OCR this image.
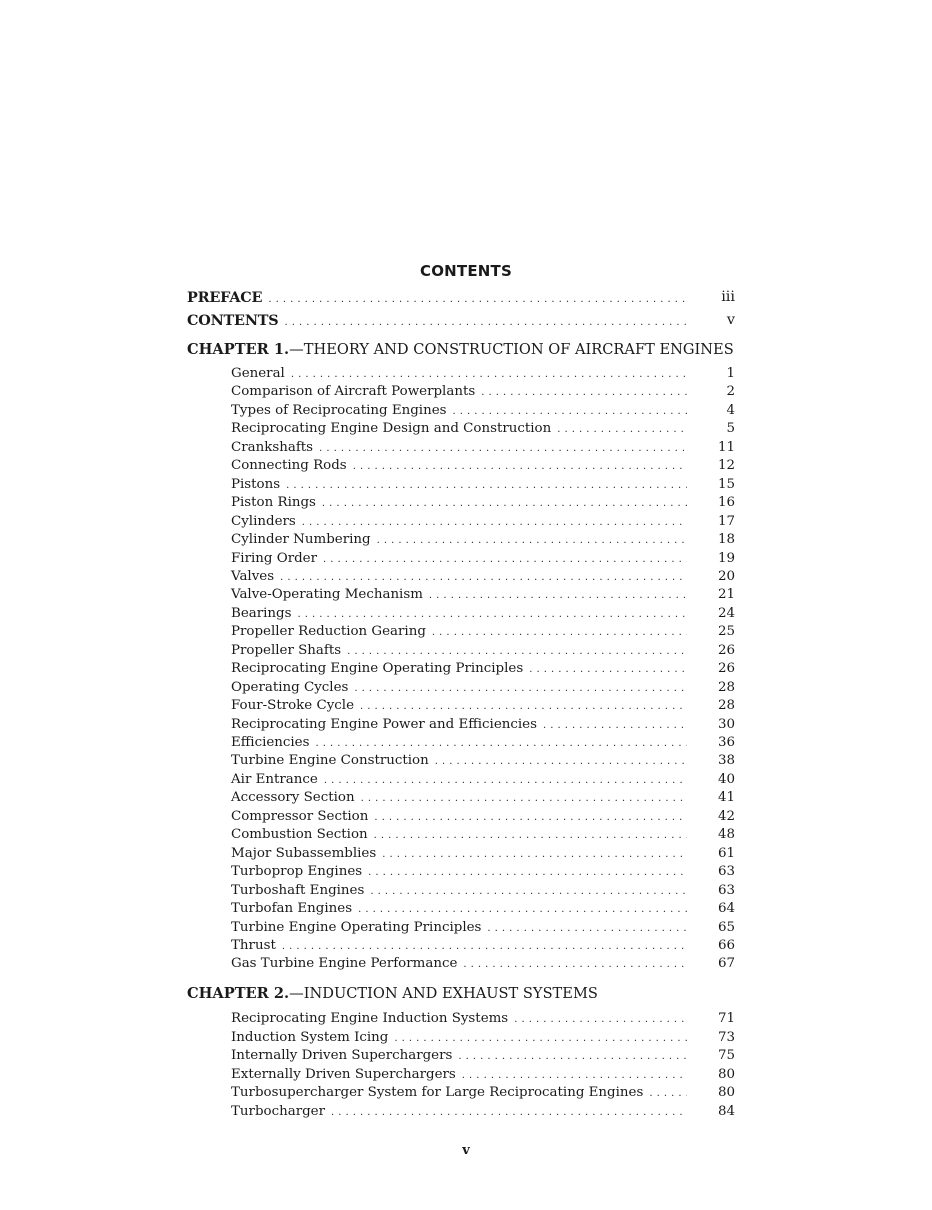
CONTENTS
PREFACE . . .	iii
CONTENTS . . .	v
CHAPTER 1.—THEORY AND CONSTRUCTION OF AIRCRAFT ENGINES
General . . .	1
Comparison of Aircraft Powerplants . . .	2
Types of Reciprocating Engines . . .	4
Reciprocating Engine Design and Construction . . .	5
Crankshafts . . .	11
Connecting Rods . . .	12
Pistons . . .	15
Piston Rings . . .	16
Cylinders . . .	17
Cylinder Numbering . . .	18
Firing Order . . .	19
Valves . . .	20
Valve-Operating Mechanism . . .	21
Bearings . . .	24
Propeller Reduction Gearing . . .	25
Propeller Shafts . . .	26
Reciprocating Engine Operating Principles . . .	26
Operating Cycles . . .	28
Four-Stroke Cycle . . .	28
Reciprocating Engine Power and Efficiencies . . .	30
Efficiencies . . .	36
Turbine Engine Construction . . .	38
Air Entrance . . .	40
Accessory Section . . .	41
Compressor Section . . .	42
Combustion Section . . .	48
Major Subassemblies . . .	61
Turboprop Engines . . .	63
Turboshaft Engines . . .	63
Turbofan Engines . . .	64
Turbine Engine Operating Principles . . .	65
Thrust . . .	66
Gas Turbine Engine Performance . . .	67
CHAPTER 2.—INDUCTION AND EXHAUST SYSTEMS
Reciprocating Engine Induction Systems . . .	71
Induction System Icing . . .	73
Internally Driven Superchargers . . .	75
Externally Driven Superchargers . . .	80
Turbosupercharger System for Large Reciprocating Engines . . .	80
Turbocharger . . .	84
v
